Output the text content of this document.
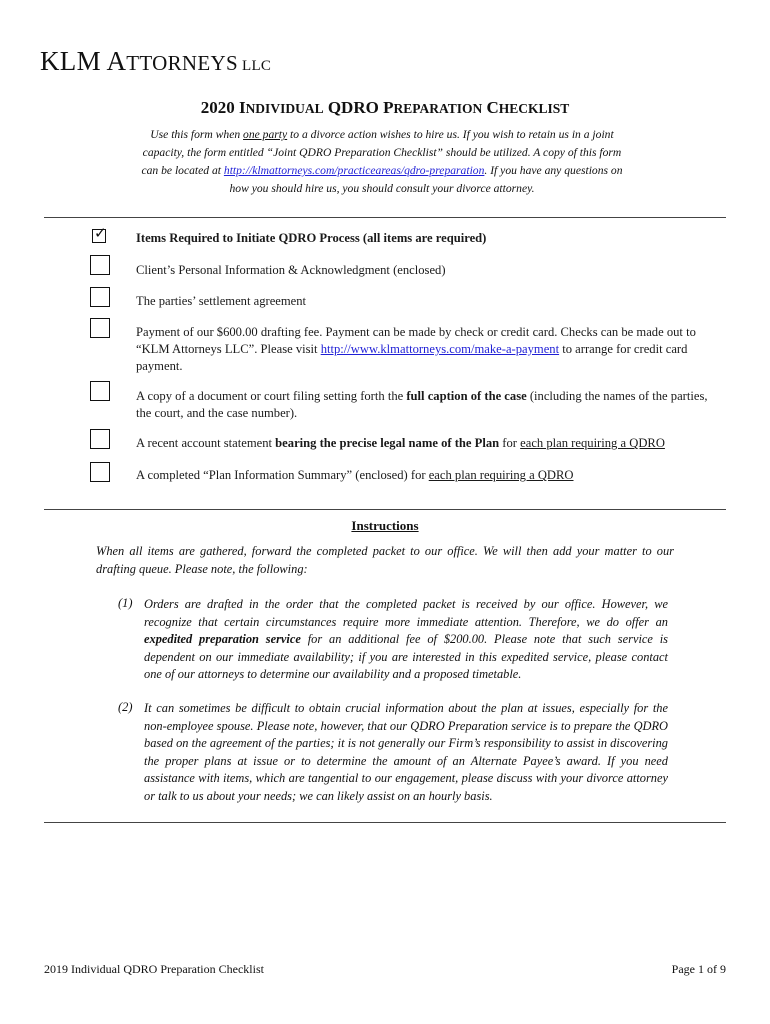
KLM ATTORNEYS LLC
2020 INDIVIDUAL QDRO PREPARATION CHECKLIST
Use this form when one party to a divorce action wishes to hire us. If you wish to retain us in a joint capacity, the form entitled “Joint QDRO Preparation Checklist” should be utilized. A copy of this form can be located at http://klmattorneys.com/practiceareas/qdro-preparation. If you have any questions on how you should hire us, you should consult your divorce attorney.
✓ Items Required to Initiate QDRO Process (all items are required)
Client’s Personal Information & Acknowledgment (enclosed)
The parties’ settlement agreement
Payment of our $600.00 drafting fee. Payment can be made by check or credit card. Checks can be made out to “KLM Attorneys LLC”. Please visit http://www.klmattorneys.com/make-a-payment to arrange for credit card payment.
A copy of a document or court filing setting forth the full caption of the case (including the names of the parties, the court, and the case number).
A recent account statement bearing the precise legal name of the Plan for each plan requiring a QDRO
A completed “Plan Information Summary” (enclosed) for each plan requiring a QDRO
Instructions
When all items are gathered, forward the completed packet to our office. We will then add your matter to our drafting queue. Please note, the following:
(1) Orders are drafted in the order that the completed packet is received by our office. However, we recognize that certain circumstances require more immediate attention. Therefore, we do offer an expedited preparation service for an additional fee of $200.00. Please note that such service is dependent on our immediate availability; if you are interested in this expedited service, please contact one of our attorneys to determine our availability and a proposed timetable.
(2) It can sometimes be difficult to obtain crucial information about the plan at issues, especially for the non-employee spouse. Please note, however, that our QDRO Preparation service is to prepare the QDRO based on the agreement of the parties; it is not generally our Firm’s responsibility to assist in discovering the proper plans at issue or to determine the amount of an Alternate Payee’s award. If you need assistance with items, which are tangential to our engagement, please discuss with your divorce attorney or talk to us about your needs; we can likely assist on an hourly basis.
2019 Individual QDRO Preparation Checklist	Page 1 of 9
